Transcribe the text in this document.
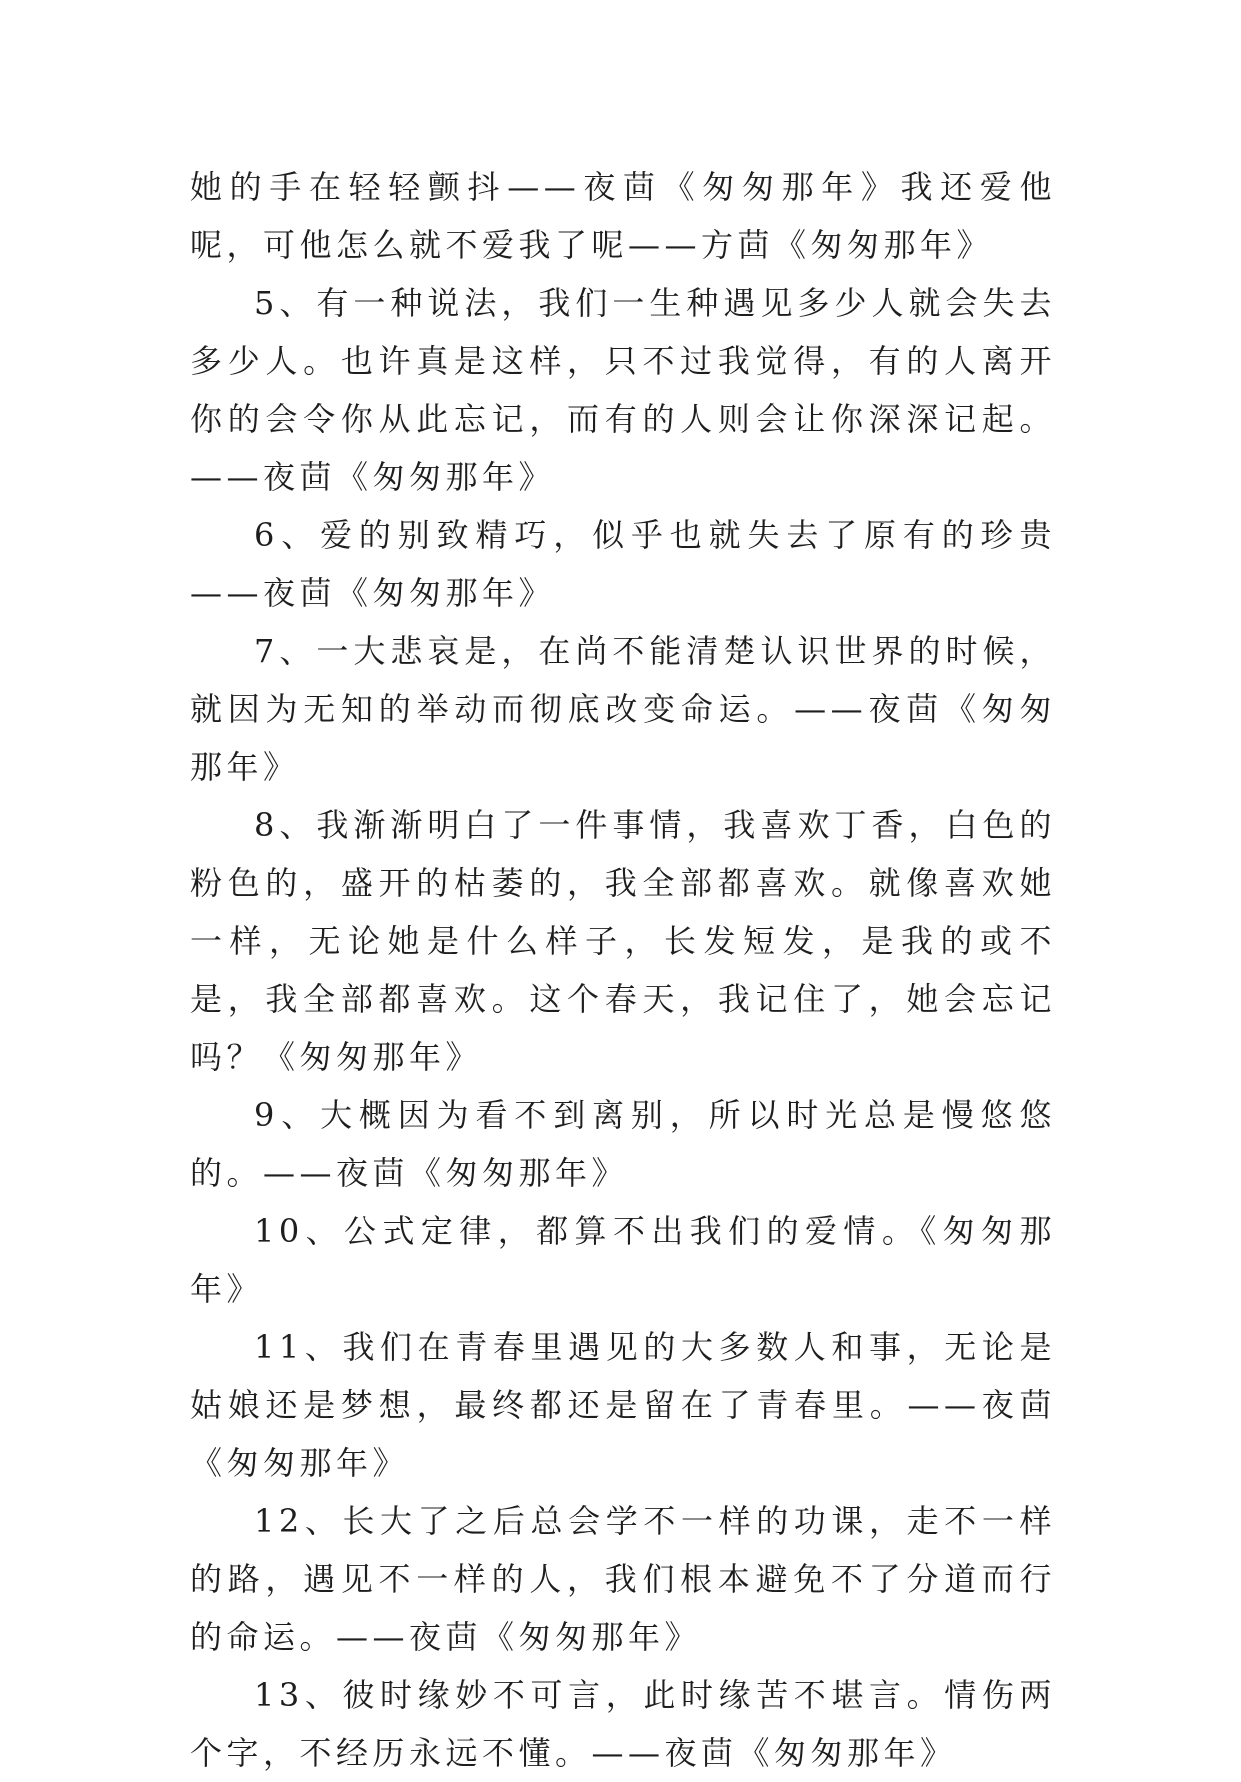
她的手在轻轻颤抖——夜茴《匆匆那年》我还爱他呢，可他怎么就不爱我了呢——方茴《匆匆那年》

5、有一种说法，我们一生种遇见多少人就会失去多少人。也许真是这样，只不过我觉得，有的人离开你的会令你从此忘记，而有的人则会让你深深记起。——夜茴《匆匆那年》

6、爱的别致精巧，似乎也就失去了原有的珍贵——夜茴《匆匆那年》

7、一大悲哀是，在尚不能清楚认识世界的时候，就因为无知的举动而彻底改变命运。——夜茴《匆匆那年》

8、我渐渐明白了一件事情，我喜欢丁香，白色的粉色的，盛开的枯萎的，我全部都喜欢。就像喜欢她一样，无论她是什么样子，长发短发，是我的或不是，我全部都喜欢。这个春天，我记住了，她会忘记吗？《匆匆那年》

9、大概因为看不到离别，所以时光总是慢悠悠的。——夜茴《匆匆那年》

10、公式定律，都算不出我们的爱情。《匆匆那年》

11、我们在青春里遇见的大多数人和事，无论是姑娘还是梦想，最终都还是留在了青春里。——夜茴《匆匆那年》

12、长大了之后总会学不一样的功课，走不一样的路，遇见不一样的人，我们根本避免不了分道而行的命运。——夜茴《匆匆那年》

13、彼时缘妙不可言，此时缘苦不堪言。情伤两个字，不经历永远不懂。——夜茴《匆匆那年》
